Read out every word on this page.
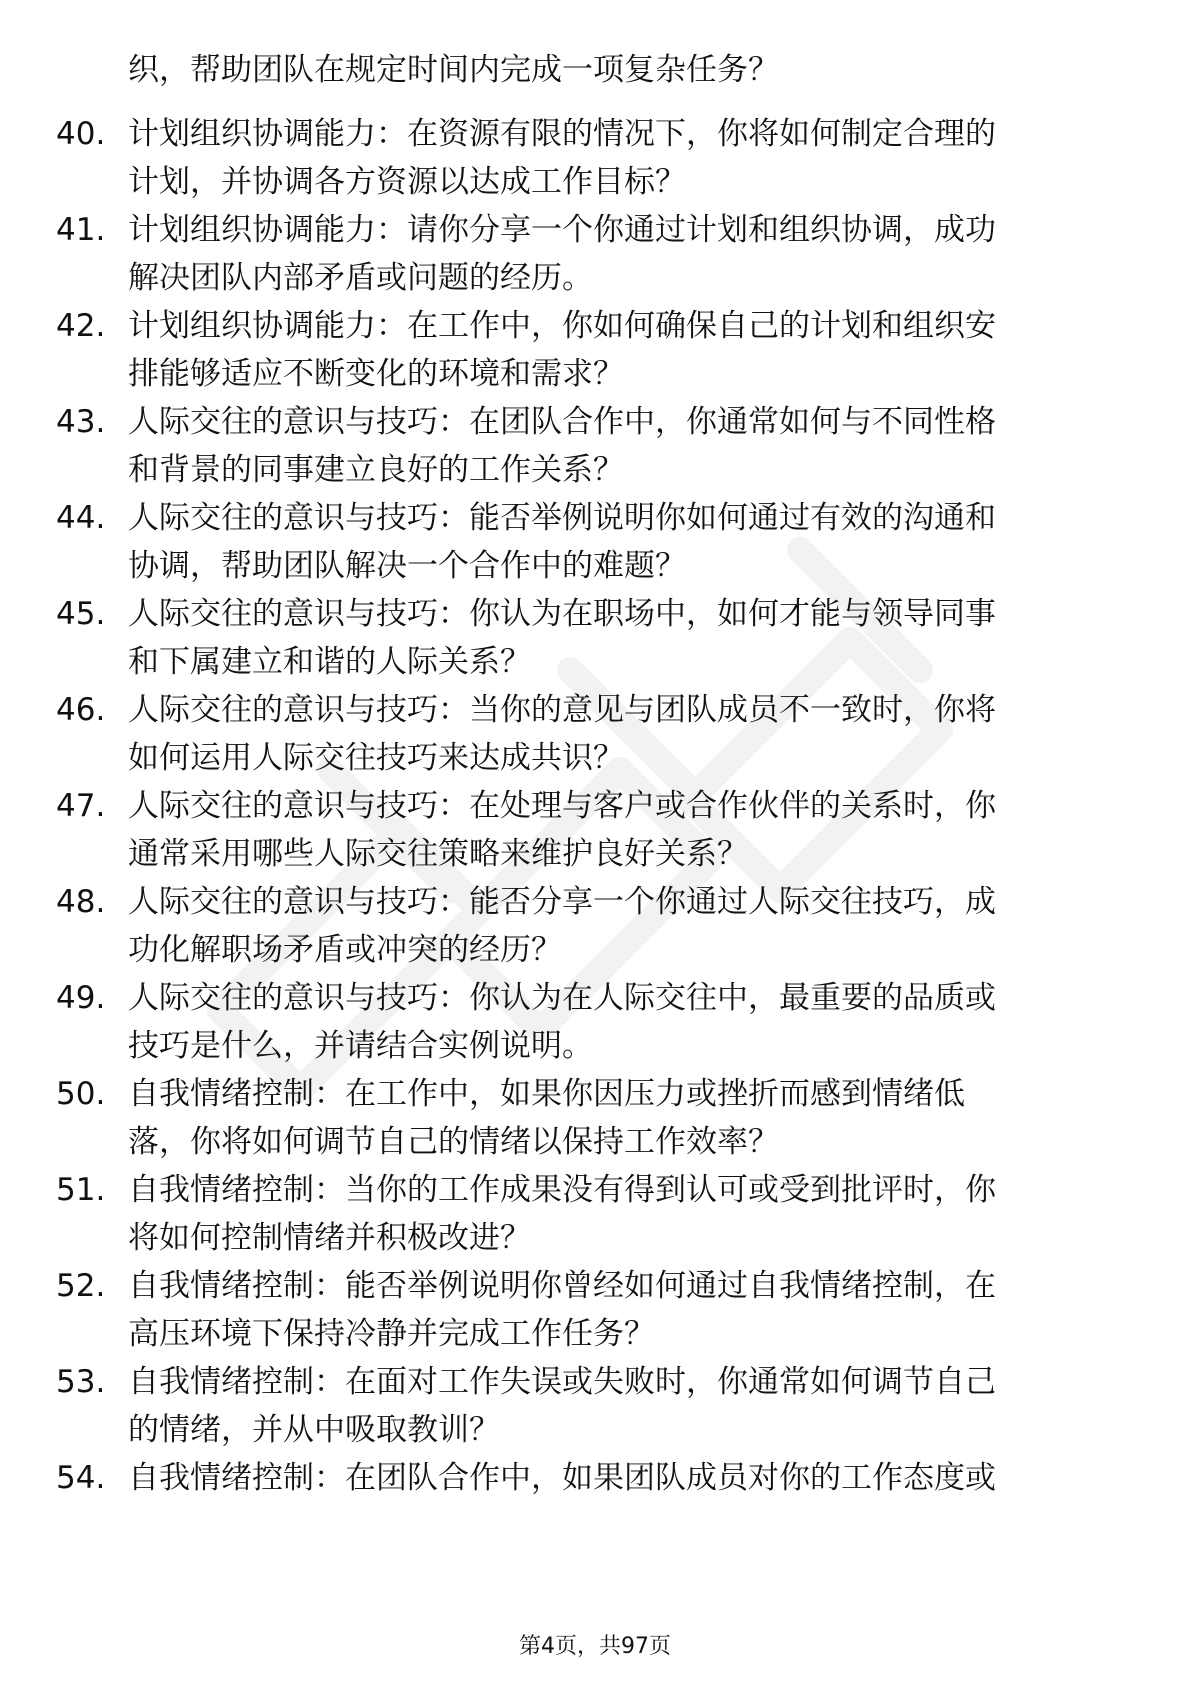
织，帮助团队在规定时间内完成一项复杂任务？
40. 计划组织协调能力：在资源有限的情况下，你将如何制定合理的
计划，并协调各方资源以达成工作目标？
41. 计划组织协调能力：请你分享一个你通过计划和组织协调，成功
解决团队内部矛盾或问题的经历。
42. 计划组织协调能力：在工作中，你如何确保自己的计划和组织安
排能够适应不断变化的环境和需求？
43. 人际交往的意识与技巧：在团队合作中，你通常如何与不同性格
和背景的同事建立良好的工作关系？
44. 人际交往的意识与技巧：能否举例说明你如何通过有效的沟通和
协调，帮助团队解决一个合作中的难题？
45. 人际交往的意识与技巧：你认为在职场中，如何才能与领导同事
和下属建立和谐的人际关系？
46. 人际交往的意识与技巧：当你的意见与团队成员不一致时，你将
如何运用人际交往技巧来达成共识？
47. 人际交往的意识与技巧：在处理与客户或合作伙伴的关系时，你
通常采用哪些人际交往策略来维护良好关系？
48. 人际交往的意识与技巧：能否分享一个你通过人际交往技巧，成
功化解职场矛盾或冲突的经历？
49. 人际交往的意识与技巧：你认为在人际交往中，最重要的品质或
技巧是什么，并请结合实例说明。
50. 自我情绪控制：在工作中，如果你因压力或挫折而感到情绪低
落，你将如何调节自己的情绪以保持工作效率？
51. 自我情绪控制：当你的工作成果没有得到认可或受到批评时，你
将如何控制情绪并积极改进？
52. 自我情绪控制：能否举例说明你曾经如何通过自我情绪控制，在
高压环境下保持冷静并完成工作任务？
53. 自我情绪控制：在面对工作失误或失败时，你通常如何调节自己
的情绪，并从中吸取教训？
54. 自我情绪控制：在团队合作中，如果团队成员对你的工作态度或
第4页，共97页
